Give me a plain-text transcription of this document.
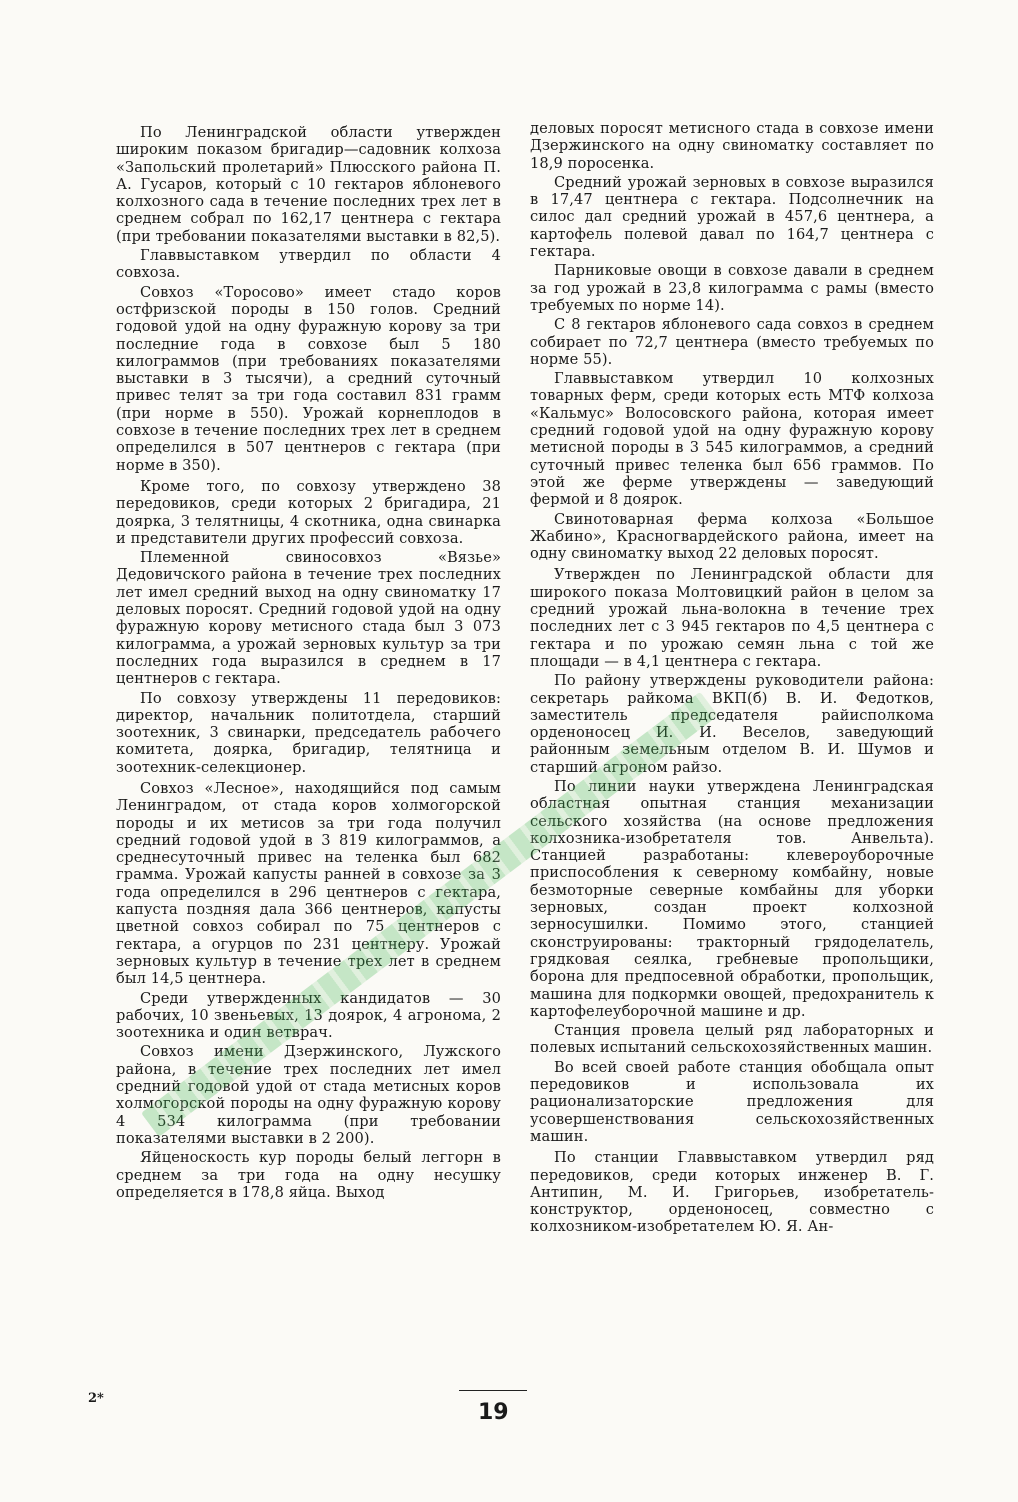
По Ленинградской области утвержден широким показом бригадир—садовник колхоза «Запольский пролетарий» Плюсского района П. А. Гусаров, который с 10 гектаров яблоневого колхозного сада в течение последних трех лет в среднем собрал по 162,17 центнера с гектара (при требовании показателями выставки в 82,5).

Главвыставком утвердил по области 4 совхоза.

Совхоз «Торосово» имеет стадо коров остфризской породы в 150 голов. Средний годовой удой на одну фуражную корову за три последние года в совхозе был 5 180 килограммов (при требованиях показателями выставки в 3 тысячи), а средний суточный привес телят за три года составил 831 грамм (при норме в 550). Урожай корнеплодов в совхозе в течение последних трех лет в среднем определился в 507 центнеров с гектара (при норме в 350).

Кроме того, по совхозу утверждено 38 передовиков, среди которых 2 бригадира, 21 доярка, 3 телятницы, 4 скотника, одна свинарка и представители других профессий совхоза.

Племенной свиносовхоз «Вязье» Дедовичского района в течение трех последних лет имел средний выход на одну свиноматку 17 деловых поросят. Средний годовой удой на одну фуражную корову метисного стада был 3 073 килограмма, а урожай зерновых культур за три последних года выразился в среднем в 17 центнеров с гектара.

По совхозу утверждены 11 передовиков: директор, начальник политотдела, старший зоотехник, 3 свинарки, председатель рабочего комитета, доярка, бригадир, телятница и зоотехник-селекционер.

Совхоз «Лесное», находящийся под самым Ленинградом, от стада коров холмогорской породы и их метисов за три года получил средний годовой удой в 3 819 килограммов, а среднесуточный привес на теленка был 682 грамма. Урожай капусты ранней в совхозе за 3 года определился в 296 центнеров с гектара, капуста поздняя дала 366 центнеров, капусты цветной совхоз собирал по 75 центнеров с гектара, а огурцов по 231 центнеру. Урожай зерновых культур в течение трех лет в среднем был 14,5 центнера.

Среди утвержденных кандидатов — 30 рабочих, 10 звеньевых, 13 доярок, 4 агронома, 2 зоотехника и один ветврач.

Совхоз имени Дзержинского, Лужского района, в течение трех последних лет имел средний годовой удой от стада метисных коров холмогорской породы на одну фуражную корову 4 534 килограмма (при требовании показателями выставки в 2 200).

Яйценоскость кур породы белый леггорн в среднем за три года на одну несушку определяется в 178,8 яйца. Выход

деловых поросят метисного стада в совхозе имени Дзержинского на одну свиноматку составляет по 18,9 поросенка.

Средний урожай зерновых в совхозе выразился в 17,47 центнера с гектара. Подсолнечник на силос дал средний урожай в 457,6 центнера, а картофель полевой давал по 164,7 центнера с гектара.

Парниковые овощи в совхозе давали в среднем за год урожай в 23,8 килограмма с рамы (вместо требуемых по норме 14).

С 8 гектаров яблоневого сада совхоз в среднем собирает по 72,7 центнера (вместо требуемых по норме 55).

Главвыставком утвердил 10 колхозных товарных ферм, среди которых есть МТФ колхоза «Кальмус» Волосовского района, которая имеет средний годовой удой на одну фуражную корову метисной породы в 3 545 килограммов, а средний суточный привес теленка был 656 граммов. По этой же ферме утверждены — заведующий фермой и 8 доярок.

Свинотоварная ферма колхоза «Большое Жабино», Красногвардейского района, имеет на одну свиноматку выход 22 деловых поросят.

Утвержден по Ленинградской области для широкого показа Молтовицкий район в целом за средний урожай льна-волокна в течение трех последних лет с 3 945 гектаров по 4,5 центнера с гектара и по урожаю семян льна с той же площади — в 4,1 центнера с гектара.

По району утверждены руководители района: секретарь райкома ВКП(б) В. И. Федотков, заместитель председателя райисполкома орденоносец И. И. Веселов, заведующий районным земельным отделом В. И. Шумов и старший агроном райзо.

По линии науки утверждена Ленинградская областная опытная станция механизации сельского хозяйства (на основе предложения колхозника-изобретателя тов. Анвельта). Станцией разработаны: клевероуборочные приспособления к северному комбайну, новые безмоторные северные комбайны для уборки зерновых, создан проект колхозной зерносушилки. Помимо этого, станцией сконструированы: тракторный грядоделатель, грядковая сеялка, гребневые пропольщики, борона для предпосевной обработки, пропольщик, машина для подкормки овощей, предохранитель к картофелеуборочной машине и др.

Станция провела целый ряд лабораторных и полевых испытаний сельскохозяйственных машин.

Во всей своей работе станция обобщала опыт передовиков и использовала их рационализаторские предложения для усовершенствования сельскохозяйственных машин.

По станции Главвыставком утвердил ряд передовиков, среди которых инженер В. Г. Антипин, М. И. Григорьев, изобретатель-конструктор, орденоносец, совместно с колхозником-изобретателем Ю. Я. Ан-

2*
19
